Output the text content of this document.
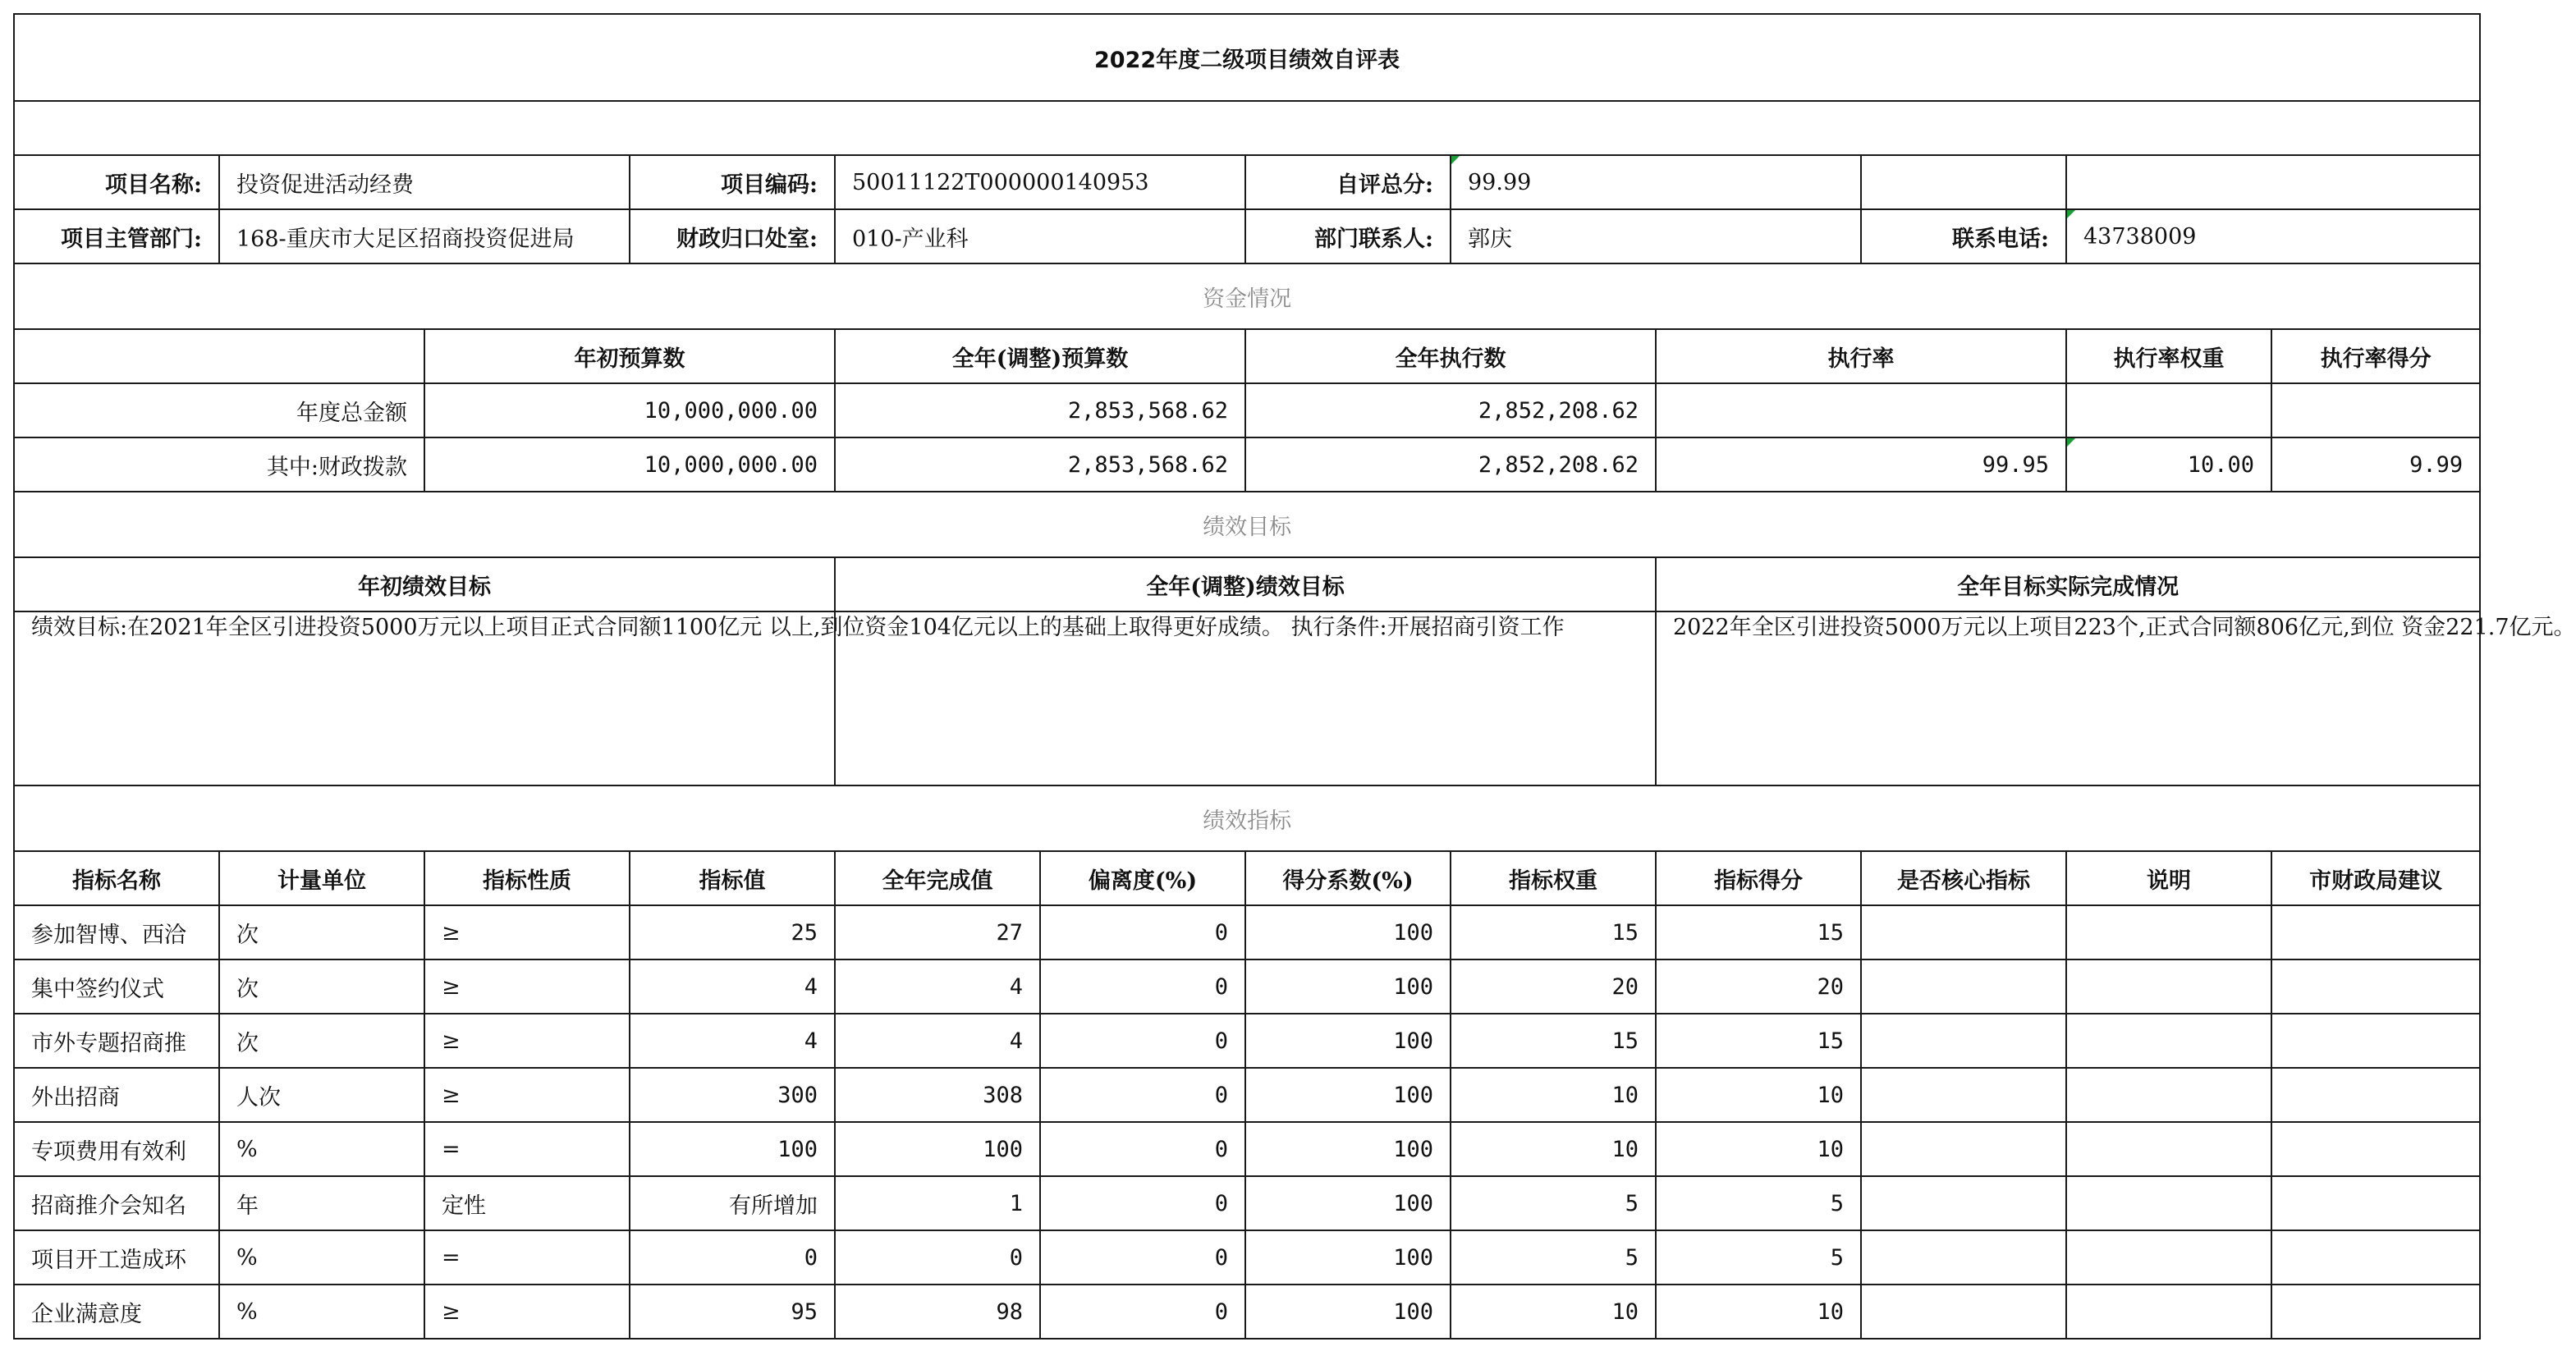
2022年度二级项目绩效自评表											

项目名称:	投资促进活动经费		项目编码:	50011122T000000140953		自评总分:	99.99				
项目主管部门:	168-重庆市大足区招商投资促进局		财政归口处室:	010-产业科		部门联系人:	郭庆		联系电话:	43738009	
资金情况											
		年初预算数		全年(调整)预算数		全年执行数		执行率		执行率权重	执行率得分
年度总金额		10,000,000.00		2,853,568.62		2,852,208.62					
其中:财政拨款		10,000,000.00		2,853,568.62		2,852,208.62		99.95		10.00	9.99
绩效目标											
年初绩效目标				全年(调整)绩效目标				全年目标实际完成情况			
绩效目标:在2021年全区引进投资5000万元以上项目正式合同额1100亿元 以上,到位资金104亿元以上的基础上取得更好成绩。 执行条件:开展招商引资工作								2022年全区引进投资5000万元以上项目223个,正式合同额806亿元,到位 资金221.7亿元。			
绩效指标											
指标名称	计量单位	指标性质	指标值	全年完成值	偏离度(%)	得分系数(%)	指标权重	指标得分	是否核心指标	说明	市财政局建议
参加智博、西洽	次	≥	25	27	0	100	15	15			
集中签约仪式	次	≥	4	4	0	100	20	20			
市外专题招商推	次	≥	4	4	0	100	15	15			
外出招商	人次	≥	300	308	0	100	10	10			
专项费用有效利	%	=	100	100	0	100	10	10			
招商推介会知名	年	定性	有所增加	1	0	100	5	5			
项目开工造成环	%	=	0	0	0	100	5	5			
企业满意度	%	≥	95	98	0	100	10	10			
